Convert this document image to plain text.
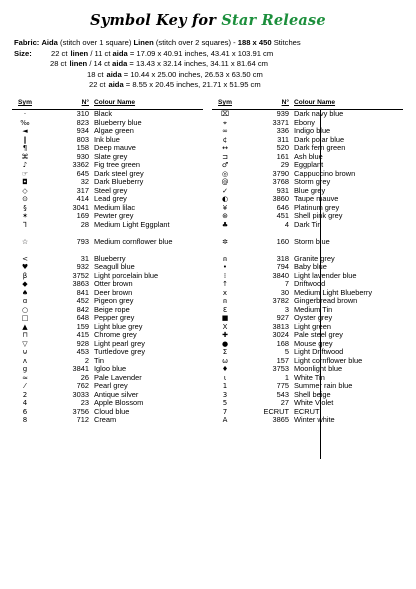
Symbol Key for Star Release
Fabric: Aida (stitch over 1 square) Linen (stitch over 2 squares) - 188 x 450 Stitches
Size:	22 ct linen / 11 ct aida = 17.09 x 40.91 inches, 43.41 x 103.91 cm
28 ct linen / 14 ct aida = 13.43 x 32.14 inches, 34.11 x 81.64 cm
18 ct aida = 10.44 x 25.00 inches, 26.53 x 63.50 cm
22 ct aida = 8.55 x 20.45 inches, 21.71 x 51.95 cm
Sym	N° Colour Name
·	310 Black
‰	823 Blueberry blue
◄	934 Algae green
‖	803 Ink blue
¶	158 Deep mauve
⌘	930 Slate grey
♪	3362 Fig tree green
☞	645 Dark steel grey
◘	32 Dark Blueberry
◇	317 Steel grey
⊙	414 Lead grey
§	3041 Medium lilac
✶	169 Pewter grey
⅂	28 Medium Light Eggplant
☆	793 Medium cornflower blue
<	31 Blueberry
♥	932 Seagull blue
β	3752 Light porcelain blue
◆	3863 Otter brown
♠	841 Deer brown
ɑ	452 Pigeon grey
○	842 Beige rope
□	648 Pepper grey
▲	159 Light blue grey
⊓	415 Chrome grey
▽	928 Light pearl grey
⊍	453 Turtledove grey
ʌ	2 Tin
g	3841 Igloo blue
≈	26 Pale Lavender
⁄	762 Pearl grey
2	3033 Antique silver
4	23 Apple Blossom
6	3756 Cloud blue
8	712 Cream
Sym	N° Colour Name
⌧	939 Dark navy blue
⌖	3371 Ebony
∞	336 Indigo blue
¢	311 Dark polar blue
↔	520 Dark fern green
⊐	161 Ash blue
♂	29 Eggplant
◎	3790 Cappuccino brown
@	3768 Storm grey
✓	931 Blue grey
◐	3860 Taupe mauve
¥	646 Platinum grey
⊛	451 Shell pink grey
♣	4 Dark Tin
✲	160 Storm blue
⍝	318 Granite grey
•	794 Baby blue
⁞	3840 Light lavender blue
↑	7 Driftwood
x	30 Medium Light Blueberry
⍝	3782 Gingerbread brown
Ɛ	3 Medium Tin
■	927 Oyster grey
Ⅹ	3813 Light green
✚	3024 Pale steel grey
●	168 Mouse grey
Σ	5 Light Driftwood
ω	157 Light cornflower blue
♦	3753 Moonlight blue
ɩ	1 White Tin
1	775 Summer rain blue
3	543 Shell beige
5	27 White Violet
7	ECRUT ECRUT
A	3865 Winter white
